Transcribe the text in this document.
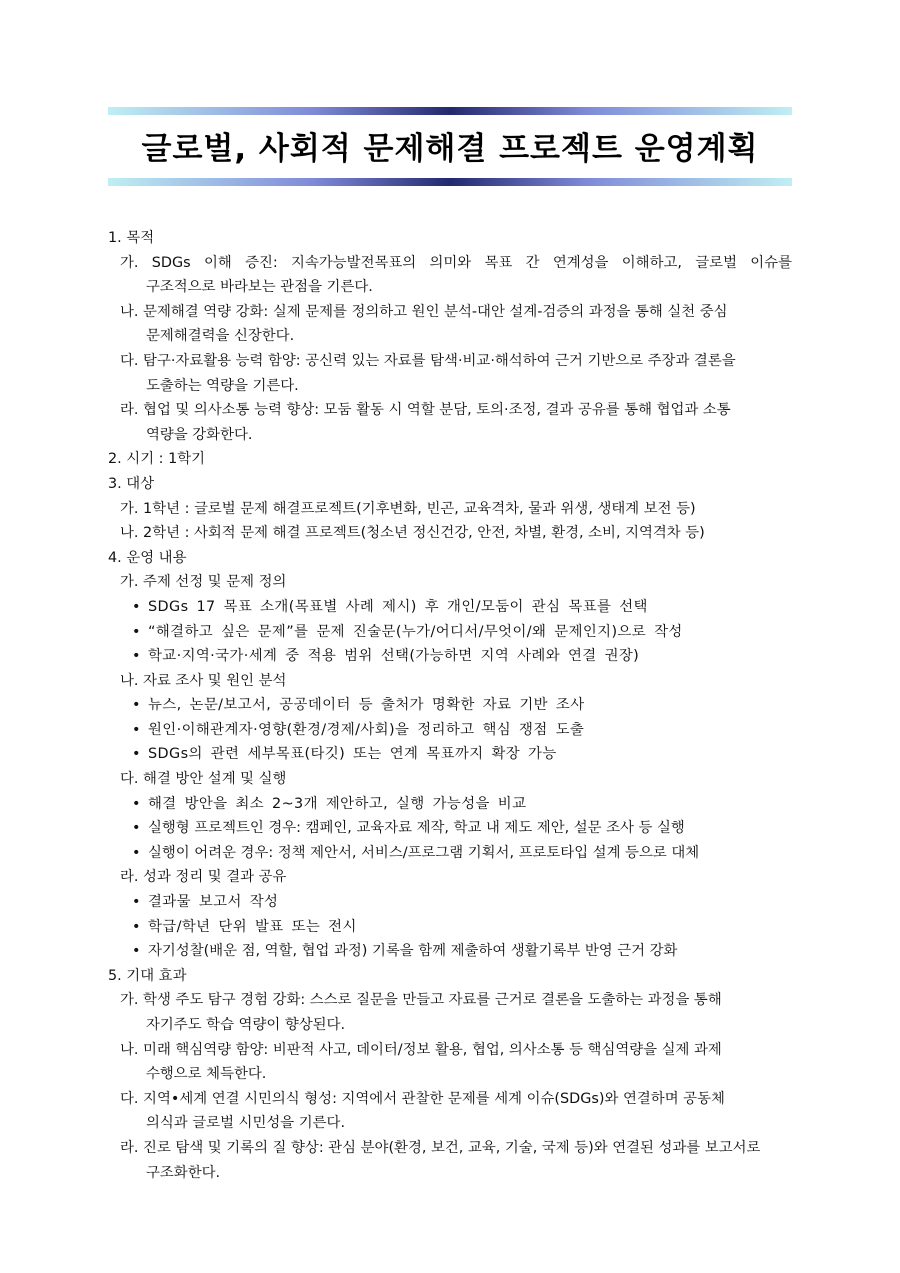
글로벌, 사회적 문제해결 프로젝트 운영계획
1. 목적
가. SDGs 이해 증진: 지속가능발전목표의 의미와 목표 간 연계성을 이해하고, 글로벌 이슈를
구조적으로 바라보는 관점을 기른다.
나. 문제해결 역량 강화: 실제 문제를 정의하고 원인 분석-대안 설계-검증의 과정을 통해 실천 중심
문제해결력을 신장한다.
다. 탐구·자료활용 능력 함양: 공신력 있는 자료를 탐색·비교·해석하여 근거 기반으로 주장과 결론을
도출하는 역량을 기른다.
라. 협업 및 의사소통 능력 향상: 모둠 활동 시 역할 분담, 토의·조정, 결과 공유를 통해 협업과 소통
역량을 강화한다.
2. 시기 : 1학기
3. 대상
가. 1학년 : 글로벌 문제 해결프로젝트(기후변화, 빈곤, 교육격차, 물과 위생, 생태계 보전 등)
나. 2학년 : 사회적 문제 해결 프로젝트(청소년 정신건강, 안전, 차별, 환경, 소비, 지역격차 등)
4. 운영 내용
가. 주제 선정 및 문제 정의
• SDGs 17 목표 소개(목표별 사례 제시) 후 개인/모둠이 관심 목표를 선택
• “해결하고 싶은 문제”를 문제 진술문(누가/어디서/무엇이/왜 문제인지)으로 작성
• 학교·지역·국가·세계 중 적용 범위 선택(가능하면 지역 사례와 연결 권장)
나. 자료 조사 및 원인 분석
• 뉴스, 논문/보고서, 공공데이터 등 출처가 명확한 자료 기반 조사
• 원인·이해관계자·영향(환경/경제/사회)을 정리하고 핵심 쟁점 도출
• SDGs의 관련 세부목표(타깃) 또는 연계 목표까지 확장 가능
다. 해결 방안 설계 및 실행
• 해결 방안을 최소 2~3개 제안하고, 실행 가능성을 비교
• 실행형 프로젝트인 경우: 캠페인, 교육자료 제작, 학교 내 제도 제안, 설문 조사 등 실행
• 실행이 어려운 경우: 정책 제안서, 서비스/프로그램 기획서, 프로토타입 설계 등으로 대체
라. 성과 정리 및 결과 공유
• 결과물 보고서 작성
• 학급/학년 단위 발표 또는 전시
• 자기성찰(배운 점, 역할, 협업 과정) 기록을 함께 제출하여 생활기록부 반영 근거 강화
5. 기대 효과
가. 학생 주도 탐구 경험 강화: 스스로 질문을 만들고 자료를 근거로 결론을 도출하는 과정을 통해
자기주도 학습 역량이 향상된다.
나. 미래 핵심역량 함양: 비판적 사고, 데이터/정보 활용, 협업, 의사소통 등 핵심역량을 실제 과제
수행으로 체득한다.
다. 지역•세계 연결 시민의식 형성: 지역에서 관찰한 문제를 세계 이슈(SDGs)와 연결하며 공동체
의식과 글로벌 시민성을 기른다.
라. 진로 탐색 및 기록의 질 향상: 관심 분야(환경, 보건, 교육, 기술, 국제 등)와 연결된 성과를 보고서로
구조화한다.
